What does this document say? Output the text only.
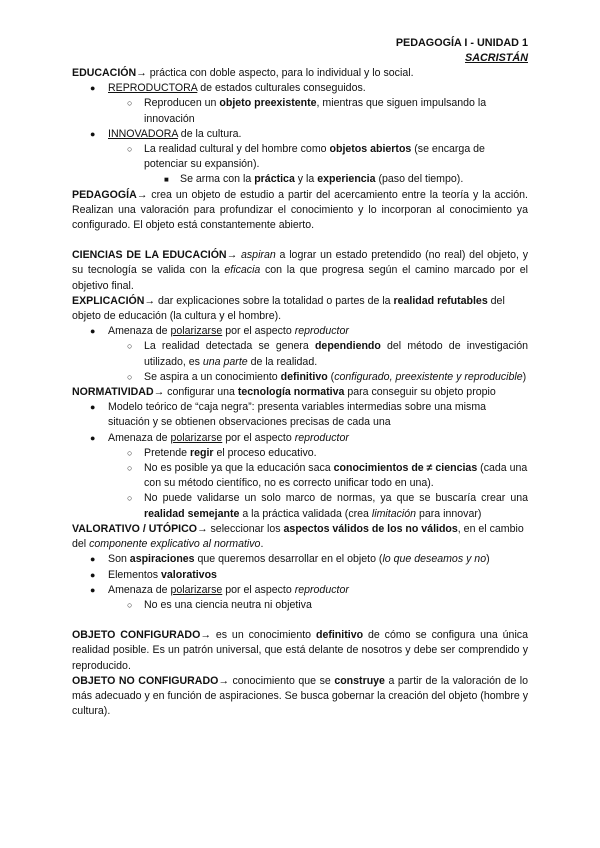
PEDAGOGÍA I - UNIDAD 1
SACRISTÁN

EDUCACIÓN→ práctica con doble aspecto, para lo individual y lo social.

● REPRODUCTORA de estados culturales conseguidos.
○ Reproducen un objeto preexistente, mientras que siguen impulsando la innovación
● INNOVADORA de la cultura.
○ La realidad cultural y del hombre como objetos abiertos (se encarga de potenciar su expansión).
■ Se arma con la práctica y la experiencia (paso del tiempo).

PEDAGOGÍA→ crea un objeto de estudio a partir del acercamiento entre la teoría y la acción. Realizan una valoración para profundizar el conocimiento y lo incorporan al conocimiento ya configurado. El objeto está constantemente abierto.

CIENCIAS DE LA EDUCACIÓN→ aspiran a lograr un estado pretendido (no real) del objeto, y su tecnología se valida con la eficacia con la que progresa según el camino marcado por el objetivo final.

EXPLICACIÓN→ dar explicaciones sobre la totalidad o partes de la realidad refutables del objeto de educación (la cultura y el hombre).

● Amenaza de polarizarse por el aspecto reproductor
○ La realidad detectada se genera dependiendo del método de investigación utilizado, es una parte de la realidad.
○ Se aspira a un conocimiento definitivo (configurado, preexistente y reproducible)

NORMATIVIDAD→ configurar una tecnología normativa para conseguir su objeto propio

● Modelo teórico de “caja negra”: presenta variables intermedias sobre una misma situación y se obtienen observaciones precisas de cada una
● Amenaza de polarizarse por el aspecto reproductor
○ Pretende regir el proceso educativo.
○ No es posible ya que la educación saca conocimientos de ≠ ciencias (cada una con su método científico, no es correcto unificar todo en una).
○ No puede validarse un solo marco de normas, ya que se buscaría crear una realidad semejante a la práctica validada (crea limitación para innovar)

VALORATIVO / UTÓPICO→ seleccionar los aspectos válidos de los no válidos, en el cambio del componente explicativo al normativo.

● Son aspiraciones que queremos desarrollar en el objeto (lo que deseamos y no)
● Elementos valorativos
● Amenaza de polarizarse por el aspecto reproductor
○ No es una ciencia neutra ni objetiva

OBJETO CONFIGURADO→ es un conocimiento definitivo de cómo se configura una única realidad posible. Es un patrón universal, que está delante de nosotros y debe ser comprendido y reproducido.

OBJETO NO CONFIGURADO→ conocimiento que se construye a partir de la valoración de lo más adecuado y en función de aspiraciones. Se busca gobernar la creación del objeto (hombre y cultura).
